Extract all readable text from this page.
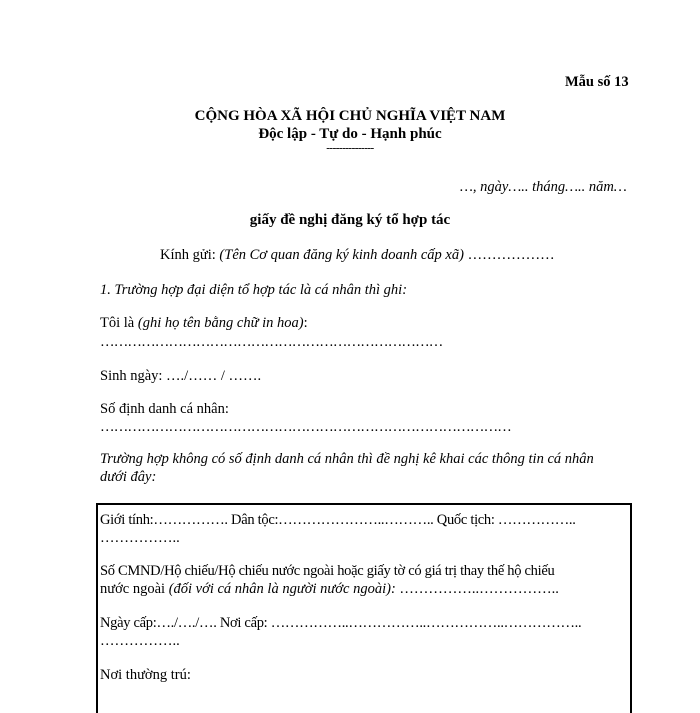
Mẫu số 13
CỘNG HÒA XÃ HỘI CHỦ NGHĨA VIỆT NAM
Độc lập - Tự do - Hạnh phúc
---------------
…, ngày….. tháng….. năm…
giấy đề nghị đăng ký tổ hợp tác
Kính gửi: (Tên Cơ quan đăng ký kinh doanh cấp xã) ………………
1. Trường hợp đại diện tổ hợp tác là cá nhân thì ghi:
Tôi là (ghi họ tên bằng chữ in hoa):
…………………………………………………………………
Sinh ngày: …./…… / …….
Số định danh cá nhân:
………………………………………………………………………………
Trường hợp không có số định danh cá nhân thì đề nghị kê khai các thông tin cá nhân
dưới đây:
Giới tính:……………. Dân tộc:…………………..……….. Quốc tịch: ……………..
……………..
Số CMND/Hộ chiếu/Hộ chiếu nước ngoài hoặc giấy tờ có giá trị thay thế hộ chiếu
nước ngoài (đối với cá nhân là người nước ngoài): ……………..……………..
Ngày cấp:…./…./…. Nơi cấp: ……………..……………..……………..……………..
……………..
Nơi thường trú:
